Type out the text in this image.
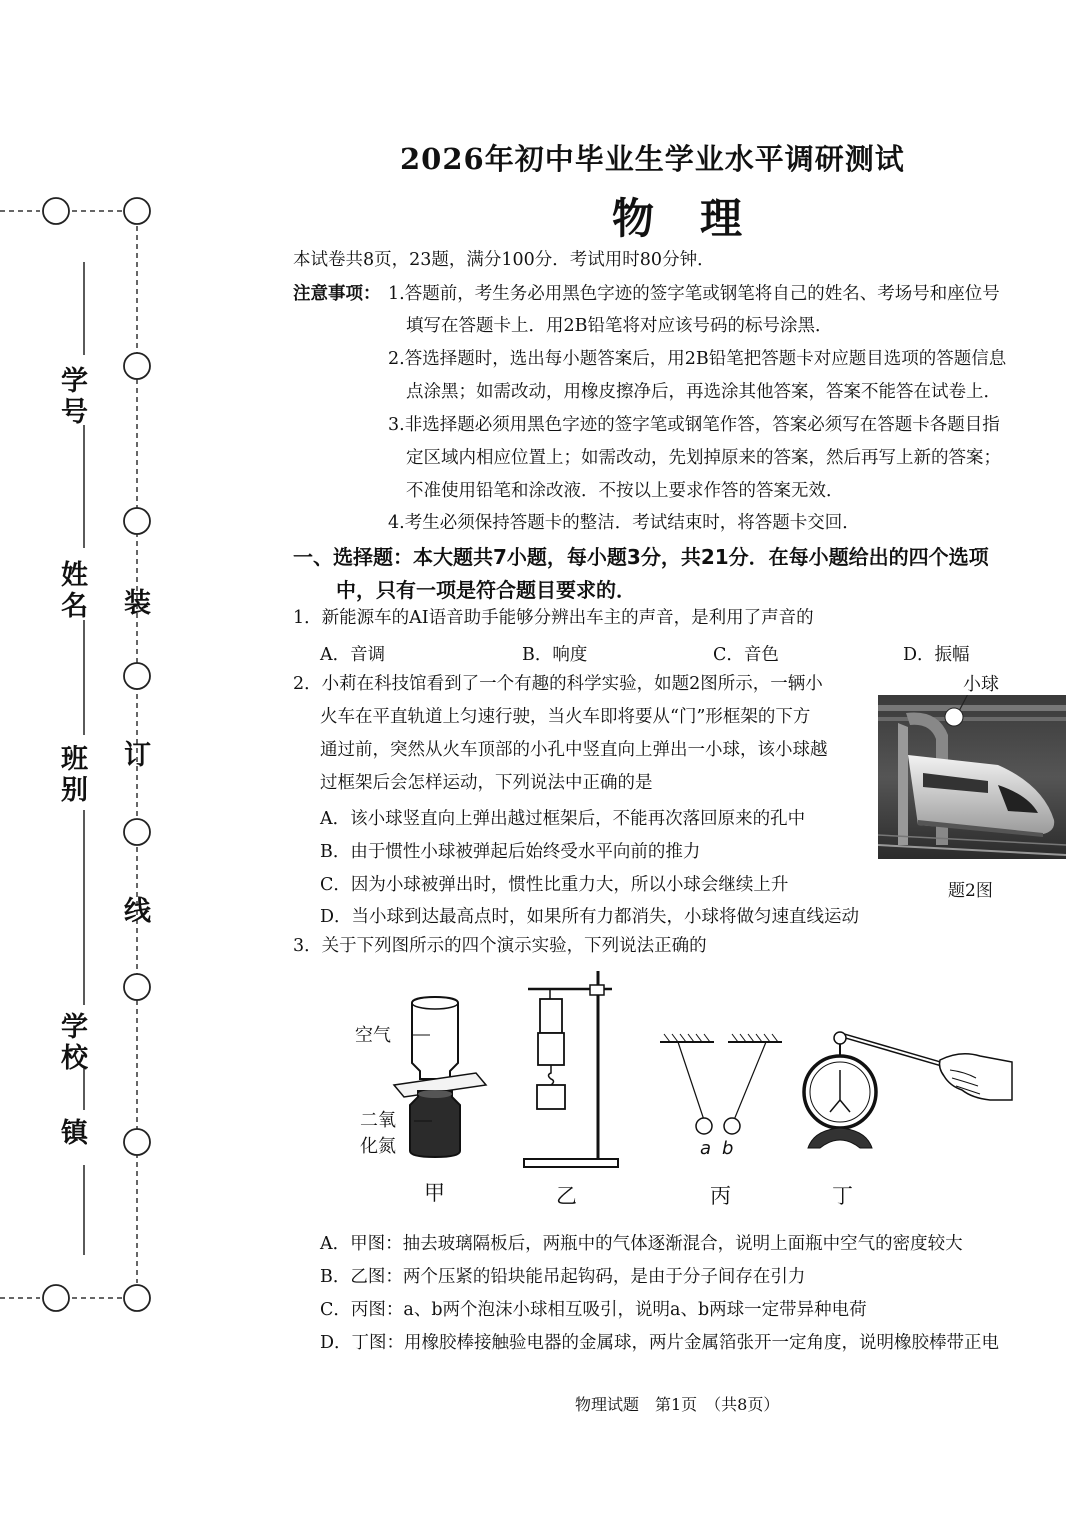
学号
姓名
班别
学校
镇
装
订
线
2026年初中毕业生学业水平调研测试
物理
本试卷共8页，23题，满分100分．考试用时80分钟．
注意事项： 1.答题前，考生务必用黑色字迹的签字笔或钢笔将自己的姓名、考场号和座位号
填写在答题卡上．用2B铅笔将对应该号码的标号涂黑．
2.答选择题时，选出每小题答案后，用2B铅笔把答题卡对应题目选项的答题信息
点涂黑；如需改动，用橡皮擦净后，再选涂其他答案，答案不能答在试卷上．
3.非选择题必须用黑色字迹的签字笔或钢笔作答，答案必须写在答题卡各题目指
定区域内相应位置上；如需改动，先划掉原来的答案，然后再写上新的答案；
不准使用铅笔和涂改液．不按以上要求作答的答案无效．
4.考生必须保持答题卡的整洁．考试结束时，将答题卡交回．
一、选择题：本大题共7小题，每小题3分，共21分．在每小题给出的四个选项
中，只有一项是符合题目要求的．
1．新能源车的AI语音助手能够分辨出车主的声音，是利用了声音的
A．音调	B．响度	C．音色	D．振幅
2．小莉在科技馆看到了一个有趣的科学实验，如题2图所示，一辆小
火车在平直轨道上匀速行驶，当火车即将要从“门”形框架的下方
通过前，突然从火车顶部的小孔中竖直向上弹出一小球，该小球越
过框架后会怎样运动，下列说法中正确的是
A．该小球竖直向上弹出越过框架后，不能再次落回原来的孔中
B．由于惯性小球被弹起后始终受水平向前的推力
C．因为小球被弹出时，惯性比重力大，所以小球会继续上升
D．当小球到达最高点时，如果所有力都消失，小球将做匀速直线运动
小球
题2图
3．关于下列图所示的四个演示实验，下列说法正确的
空气
二氧
化氮
甲	乙
a b
丙	丁
A．甲图：抽去玻璃隔板后，两瓶中的气体逐渐混合，说明上面瓶中空气的密度较大
B．乙图：两个压紧的铅块能吊起钩码，是由于分子间存在引力
C．丙图：a、b两个泡沫小球相互吸引，说明a、b两球一定带异种电荷
D．丁图：用橡胶棒接触验电器的金属球，两片金属箔张开一定角度，说明橡胶棒带正电
物理试题　第1页　（共8页）
